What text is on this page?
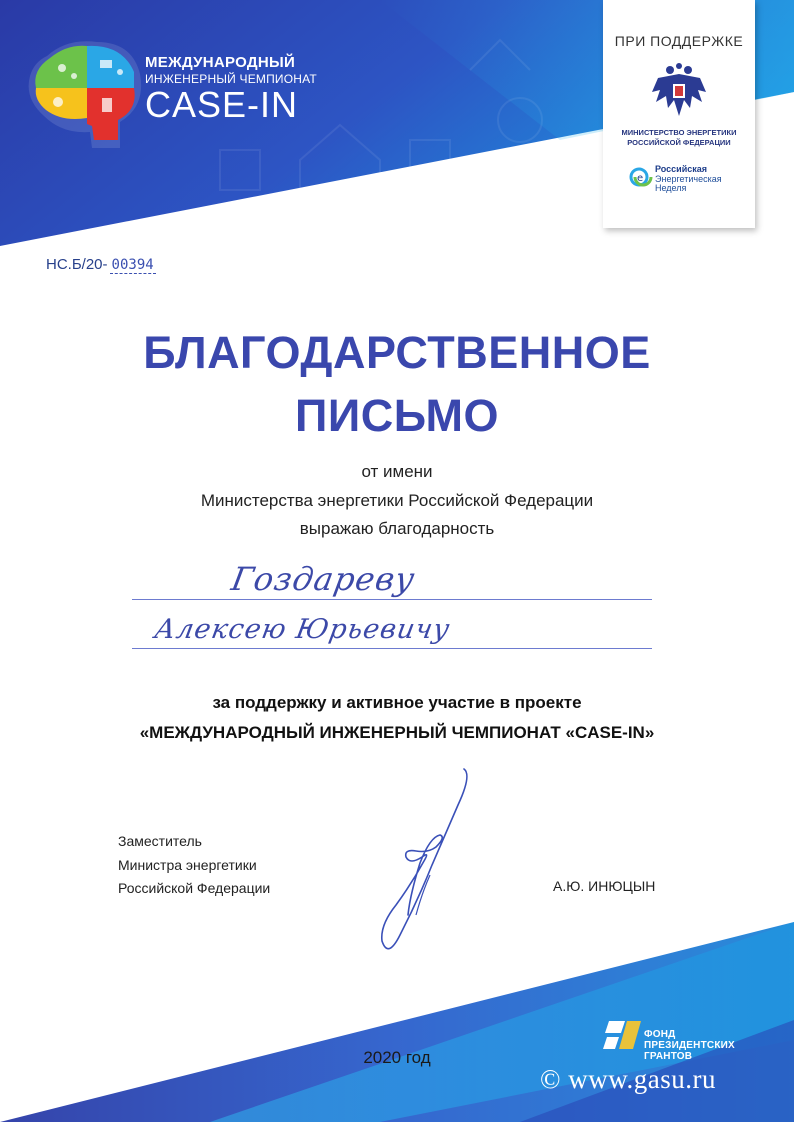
МЕЖДУНАРОДНЫЙ
ИНЖЕНЕРНЫЙ ЧЕМПИОНАТ
CASE-IN
ПРИ ПОДДЕРЖКЕ
МИНИСТЕРСТВО ЭНЕРГЕТИКИ
РОССИЙСКОЙ ФЕДЕРАЦИИ
e
Российская
Энергетическая
Неделя
НС.Б/20- 00394
БЛАГОДАРСТВЕННОЕ
ПИСЬМО
от имени
Министерства энергетики Российской Федерации
выражаю благодарность
Гоздареву
Алексею Юрьевичу
за поддержку и активное участие в проекте
«МЕЖДУНАРОДНЫЙ ИНЖЕНЕРНЫЙ ЧЕМПИОНАТ «CASE-IN»
Заместитель
Министра энергетики
Российской Федерации	А.Ю. ИНЮЦЫН
2020 год
ФОНД
ПРЕЗИДЕНТСКИХ
ГРАНТОВ
© www.gasu.ru
